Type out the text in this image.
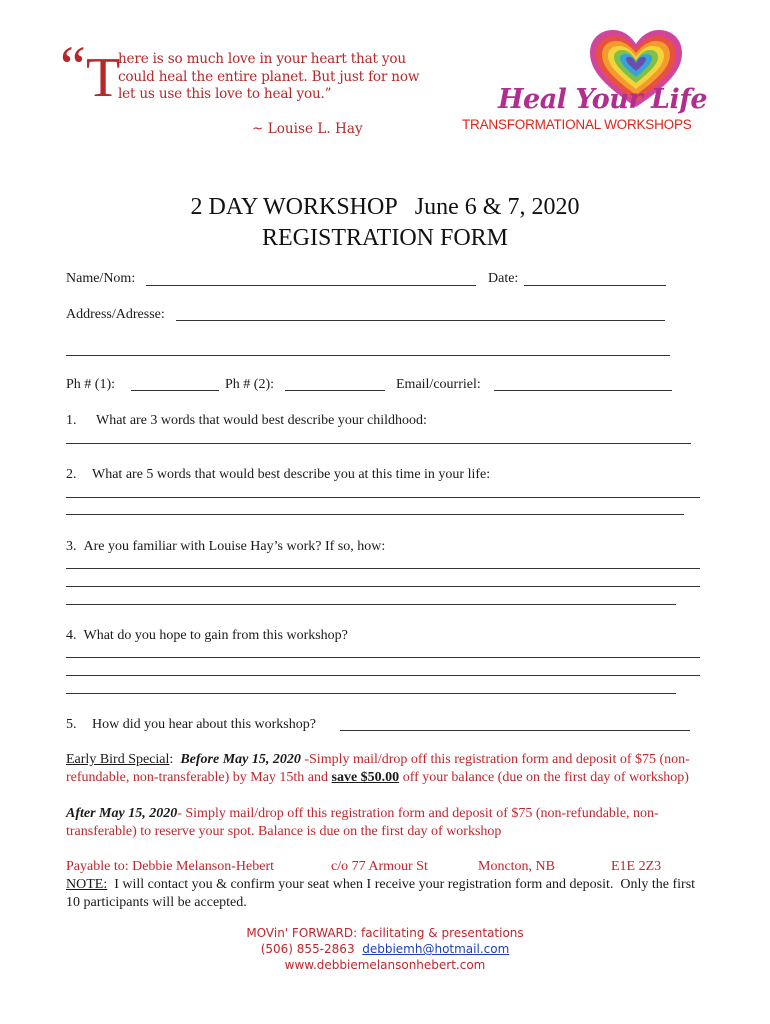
“ T
here is so much love in your heart that you
could heal the entire planet. But just for now
let us use this love to heal you.”
~ Louise L. Hay
Heal Your Life
TRANSFORMATIONAL WORKSHOPS
2 DAY WORKSHOP   June 6 & 7, 2020
REGISTRATION FORM
Name/Nom:	Date:
Address/Adresse:
Ph # (1):	Ph # (2):	Email/courriel:
1. What are 3 words that would best describe your childhood:
2. What are 5 words that would best describe you at this time in your life:
3. Are you familiar with Louise Hay’s work? If so, how:
4. What do you hope to gain from this workshop?
5. How did you hear about this workshop?
Early Bird Special:  Before May 15, 2020 -Simply mail/drop off this registration form and deposit of $75 (non-refundable, non-transferable) by May 15th and save $50.00 off your balance (due on the first day of workshop)
After May 15, 2020- Simply mail/drop off this registration form and deposit of $75 (non-refundable, non-transferable) to reserve your spot. Balance is due on the first day of workshop
Payable to: Debbie Melanson-Hebert	c/o 77 Armour St	Moncton, NB	E1E 2Z3
NOTE:  I will contact you & confirm your seat when I receive your registration form and deposit.  Only the first 10 participants will be accepted.
MOVin' FORWARD: facilitating & presentations
(506) 855-2863 debbiemh@hotmail.com
www.debbiemelansonhebert.com
